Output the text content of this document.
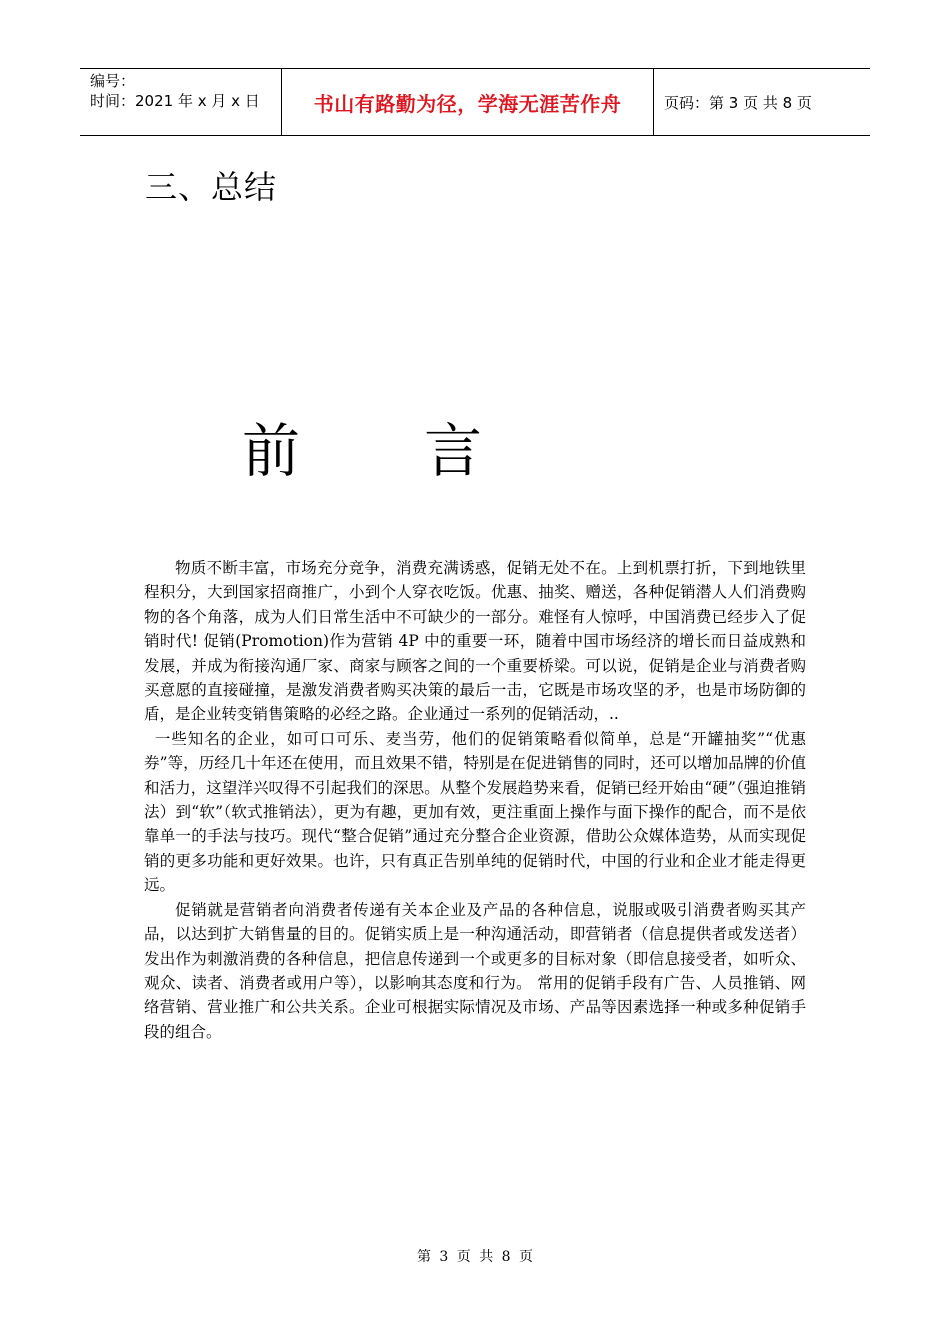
编号：
时间：2021 年 x 月 x 日	书山有路勤为径，学海无涯苦作舟	页码：第 3 页 共 8 页
三、总结
前 言

物质不断丰富，市场充分竞争，消费充满诱惑，促销无处不在。上到机票打折，下到地铁里程积分，大到国家招商推广，小到个人穿衣吃饭。优惠、抽奖、赠送，各种促销潜人人们消费购物的各个角落，成为人们日常生活中不可缺少的一部分。难怪有人惊呼，中国消费已经步入了促销时代! 促销(Promotion)作为营销 4P 中的重要一环，随着中国市场经济的增长而日益成熟和发展，并成为衔接沟通厂家、商家与顾客之间的一个重要桥梁。可以说，促销是企业与消费者购买意愿的直接碰撞，是激发消费者购买决策的最后一击，它既是市场攻坚的矛，也是市场防御的盾，是企业转变销售策略的必经之路。企业通过一系列的促销活动，..

一些知名的企业，如可口可乐、麦当劳，他们的促销策略看似简单，总是“开罐抽奖”“优惠券”等，历经几十年还在使用，而且效果不错，特别是在促进销售的同时，还可以增加品牌的价值和活力，这望洋兴叹得不引起我们的深思。从整个发展趋势来看，促销已经开始由“硬”（强迫推销法）到“软”（软式推销法），更为有趣，更加有效，更注重面上操作与面下操作的配合，而不是依靠单一的手法与技巧。现代“整合促销”通过充分整合企业资源，借助公众媒体造势，从而实现促销的更多功能和更好效果。也许，只有真正告别单纯的促销时代，中国的行业和企业才能走得更远。

促销就是营销者向消费者传递有关本企业及产品的各种信息，说服或吸引消费者购买其产品，以达到扩大销售量的目的。促销实质上是一种沟通活动，即营销者（信息提供者或发送者）发出作为刺激消费的各种信息，把信息传递到一个或更多的目标对象（即信息接受者，如听众、观众、读者、消费者或用户等），以影响其态度和行为。 常用的促销手段有广告、人员推销、网络营销、营业推广和公共关系。企业可根据实际情况及市场、产品等因素选择一种或多种促销手段的组合。

第 3 页 共 8 页
